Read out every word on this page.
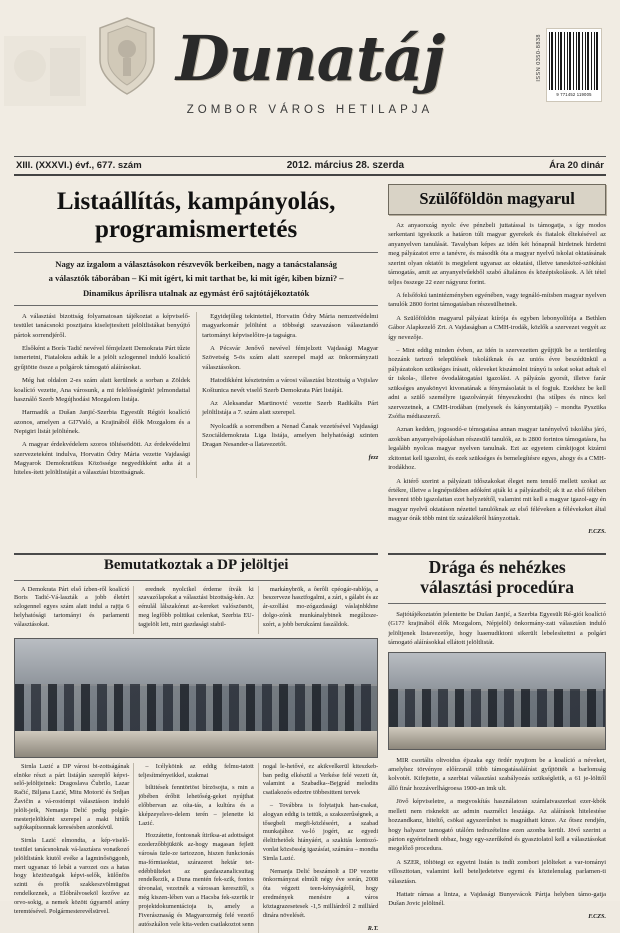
Dunatáj
ZOMBOR VÁROS HETILAPJA
ISSN 0350-8838
9 771452 119005
XIII. (XXXVI.) évf., 677. szám	2012. március 28. szerda	Ára 20 dinár
Listaállítás, kampányolás,
programismertetés
Nagy az izgalom a választásokon részvevők berkeiben, nagy a tanácstalanság
a választók táborában – Ki mit ígért, ki mit tarthat be, ki mit ígér, kiben bízni? –
Dinamikus áprilisra utalnak az egymást érő sajtótájékoztatók

A választási bizottság folyamatosan tájékoztat a képviselő-testület tanácsnoki posztjaira kiselejtesített jelöltlistákat benyújtó pártok sorrendjéről.

Elsőként a Borís Tadić nevével fémjelzett Demokrata Párt tűzte ismertetni, Fiatalokra adták le a jelölt szlogennel induló koalíció gyűjtötte össze a polgárok támogató aláírásokat.

Még hat oldalon 2-es szám alatt kerülnek a sorban a Zöldek koalíció vezette, Ana városunk, a mi felelősségünk! jelmondattal használó Szerb Megújhodási Mozgalom listája.

Harmadik a Dušan Janjić-Szerbia Egyesült Régiói koalíció azonos, amelyen a GI7Való, a Krajinából élők Mozgalom és a Nepigiri listát jelöltének.

A magyar érdekvédelem szoros töltéseödött. Az érdekvédelmi szervezeteként indulva, Horvatin Ódry Mária vezette Vajdasági Magyarok Demokratikus Közössége negyedikként adta át a hiteles-ített jelöltlistáját a választási bizottságnak.

Egyidejűleg tekintettel, Horvatin Ódry Mária nemzetvédelmi magyarkomár jelöltént a többségi szavazáson választandó tartományi képviselőire-ja tagságra.

A Pécsvár Jenővő nevével fémjelzett Vajdasági Magyar Szövetség 5-ös szám alatt szerepel majd az önkormányzati választásokon.

Hatodikként késztetném a városi választási bizottság a Vojislav Koštunica nevét viselő Szerb Demokrata Párt listáját.

Az Aleksandar Martinović vezette Szerb Radikális Párt jelöltlistája a 7. szám alatt szerepel.

Nyolcadik a sorrendben a Nenad Čanak vezetésével Vajdasági Szociáldemokrata Liga listája, amelyen helyhatósági szinten Dragan Nesander-a llatavezetőt.

fezz
Szülőföldön magyarul

Az anyaország nyolc éve pénzbeli juttatással is támogatja, s így modos serkentani igyekszik a határon túli magyar gyerekek és fiatalok éltekésével az anyanyelven tanulását. Tavalyban képes az idén két hónapnál hirdetnek hirdetni meg pályázatot erre a tanévre, és második óta a magyar nyelvű iskolai oktatásának szerint olyan oktatói is megjelent ugyanaz az oktatási, illetve tanesközé-szökítási támogatás, amit az anyanyelvűekből szabó általános és középiskolások. A lét tétel teljes összege 22 ezer nágyunz forint.

A felsőfokú tanintézményben egyénében, vagy tegnáló-mítsben magyar nyelven tanulók 2800 forint támogatásban részesülhetnek.

A Szülőföldön magyarul pályázat kiírója és egyben lebonyolítója a Bethlen Gábor Alapkezelő Zrt. A Vajdaságban a CMH-irodák, közlők a szervezet vegyét az így nevezője.

– Mint eddig minden évben, az idén is szervezetten gyűjtjük be a területileg hozzánk tartozó települések iskoláiknak és az uniós évre beszédünkül a pályázatokon szükséges írásait, okleveket kiszámolni irányú is sokat sokat adtak el úr iskola-, illetve óvodalátogatási igazolást. A pályázás gyorsít, illetve farár szükséges anyakönyvi kivonatának a fénymásolatát is el fogjuk. Ezekhez be kell adni a szülő személyre igazolványát fényeszkodni (ha stílpes és nincs kel szervezetnek, a CMH-irodában (melyesek és kányomtatják) – mondta Pysztika Zsófia médiaszerző.

Aznan kedden, jogosodó-e témogatása annan magyar tanényelvű iskolába járó, azokban anyanyelvápolásban részesülő tanulók, az is 2800 forintos támogatásra, ha legalább nyolcas magyar nyelven tanulnak. Ezt az egyetem címkijogot kizárni zkitontat kell igazolni, és ezek szükséges és bemelegítésre egyes, ahogy és a CMH-irodákhoz.

A kitérő szerint a pályázati időszakokat éleget nem tenulő mellett szokat az értékre, illetve a legnépsükben adóként ajták ki a pályázatból; ak it az első félében hevenni több igazolattan ezet helyzetétől, valamint mit kell a magyar igazol-agy én magyar nyelvű oktatáson nézettel tanulóknak az első féléveken a félévekeket által magyar órák több mint tíz százalékról hiányzottak.

F.CZS.
Bemutatkoztak a DP jelöltjei

A Demokrata Párt első ízben-ről koalíció Boris Tadić-Vá-laszták a jobb életért szlogennel egyes szám alatt indul a rajtja 6 helyhatósági tartományi és parlamenti választásokat.

erednek nyolcikel érdeme ítvák ki szavazólapokat a választási bizottság-kén. Az eénulál lálszakónut az-kereket valószösnöt, meg legfőbb politikai celenkat, Szerbia EU-tagjelölt lett, miri gazdasági stabil-

markánybrök, a ôerôli cpéogár-rablója, a beszerveze hasztfogalmi, a zári, s gálabt és az ár-szollási mo-zógazdasági váslajnbkhne dolgo-zónk munkánalybinek megúlzsze-szért, a jobb berukzámi faszáldok.

Sirnla Lazić a DP városi bi-zottságának elnöke részt a párt listáján szereplő képvi-selő-jelöltjeinek: Dragoslava Čubrilo, Lazar Račić, Biljana Lazić, Mitu Motorić és Srdjan Žavičin a vá-rostómpi választáson induló jelölt-jeik, Nemanja Delić pedig polgár-mesterjelöltként szerepel a maki hitűik sajtókapítsonnak keresésben azonkívül.

Sirnla Lazić elmondta, a kép-viselő-testület tanácsnoknak vá-lasztásra vonatkozó jelöltlistánk kiutól evéke a lagminősöggonb, mert ugyanaz tó lebát a varozei ozs a hatas hogy köztözuögak képvi-selők, külőnfös szinti és profik szakkeszvölmügpat rendelkeznek, a Elóbrálvoseköl kezőve az orvo-sokig, a nemek között úgyarnöl arány teremtésével. Polgármesterevélsürvel.

– Icélyköink az eddig felmu-tatott teljesítményeikkel, szakmai

biltitések fenntörtöst bírzösojta, s min a jöbében érőbit lehetőség-geket nyújthat előbbervan az oíta-tás, a kultúra és a kképzeyelsvo-delem terén – jelenette ki Lazić.

Hozzátette, fontosnak ítiriksa-at adottságot ezederzőbbjüktök az-hogy magasan fejlett városás üzle-ze tartozzon, hiszen funkcionás ma-fórmiaoktat, szárazeret hektár tet-edébbülteket az gazdaszanalicsuitag rendelkezik, a Duna mentén fek-szik, fontos útvonalai, vezetnék a várossan kereszttől, s még kiszen-lében van a Hacsba fek-szerük ir projektdokumentácioja is, amely a Fiverásznaság és Magyarozmég felé vezető autószkálon vele kita-veden csatlakoztot senn nogal le-hetővé, ez akikvelkerül kiteszkeb-ban pedig elkészül a Verkése felé vezeti út, valamint a Szabadka--Bejgrád melodits csatlakozós edzetre többesitteni tervek

– Továbbra is folytatjuk han-csakat, alogyan eddig is tettük, a szakszerűségnek, a tősegbeli megfi-közléseért, a szabad munkajához va-ló jogért, az egyedi éleltirhetőek hiányáért, a szakitás kontozó-vonlat közsösség igazásíat, számára – mondta Sirnla Lazić.

Nemanja Delić beszámolt a DP vezette önkormányzat elmúlt négy éve során, 2008 óta végzett teen-kényságéről, hogy eredmények menésire a város köztagrazesetesek -1,5 milliárdról 2 milliárd dinára növelését.

R.T.
Drága és nehézkes
választási procedúra

Sajtótájékoztatón jelentette be Dušan Janjić, a Szerbia Egyesült Ré-giói koalíció (G17? krajinából élők Mozgalom, Népjelöl) önkormány-zati választásn induló jelöltjenek listavezetője, hogy luaenudiktoni sikerült lebelesítettni a polgári támogató aláírásokkal ellátott jelöltlistát.

MIR csortális oltvoidus éjszaka egy ördér nyujtom be a koalíció a néveket, amelyhez törvényre előírzsnál több támogatásaláírást gyűjtötték a barlomság kolvotét. Kifejtette, a szerbiai választási szabályozás szükségleiik, a 61 je-lölttől álló finár hozzáverlhágroesa 1900-an imk ult.

Jövő képviseletre, a megvoskítás használatosn számlatvaszerkai ezer-kbók melleti nem risknekit az admin nazmélci leszáága. Az aláírások hitelestése hozzandkanz, hiteltő, csökai agyszerűnbet is magráthatt kinze. Az őtsez rendjén, hogy halyazer tamogató utálóm tedrszételine ezen azonba került. Jövő szerint a párton egyértelnedi obbaz, hogy egy-szerűkénd és gyasztolatol kell a választásokat megelőző procedura.

A SZER, töltötegi ez egyetni listán is indít zombori jelölteket a var-tományi villoszttotan, valamint kell beteljedetetve egymi és köztelenulag parlamen-ti választásn.

Hattatr rámaa a lintza, a Vajdasági Bunyevácok Pártja helyben támo-gatja Dušan Jovic jelöltnél.

F.CZS.
